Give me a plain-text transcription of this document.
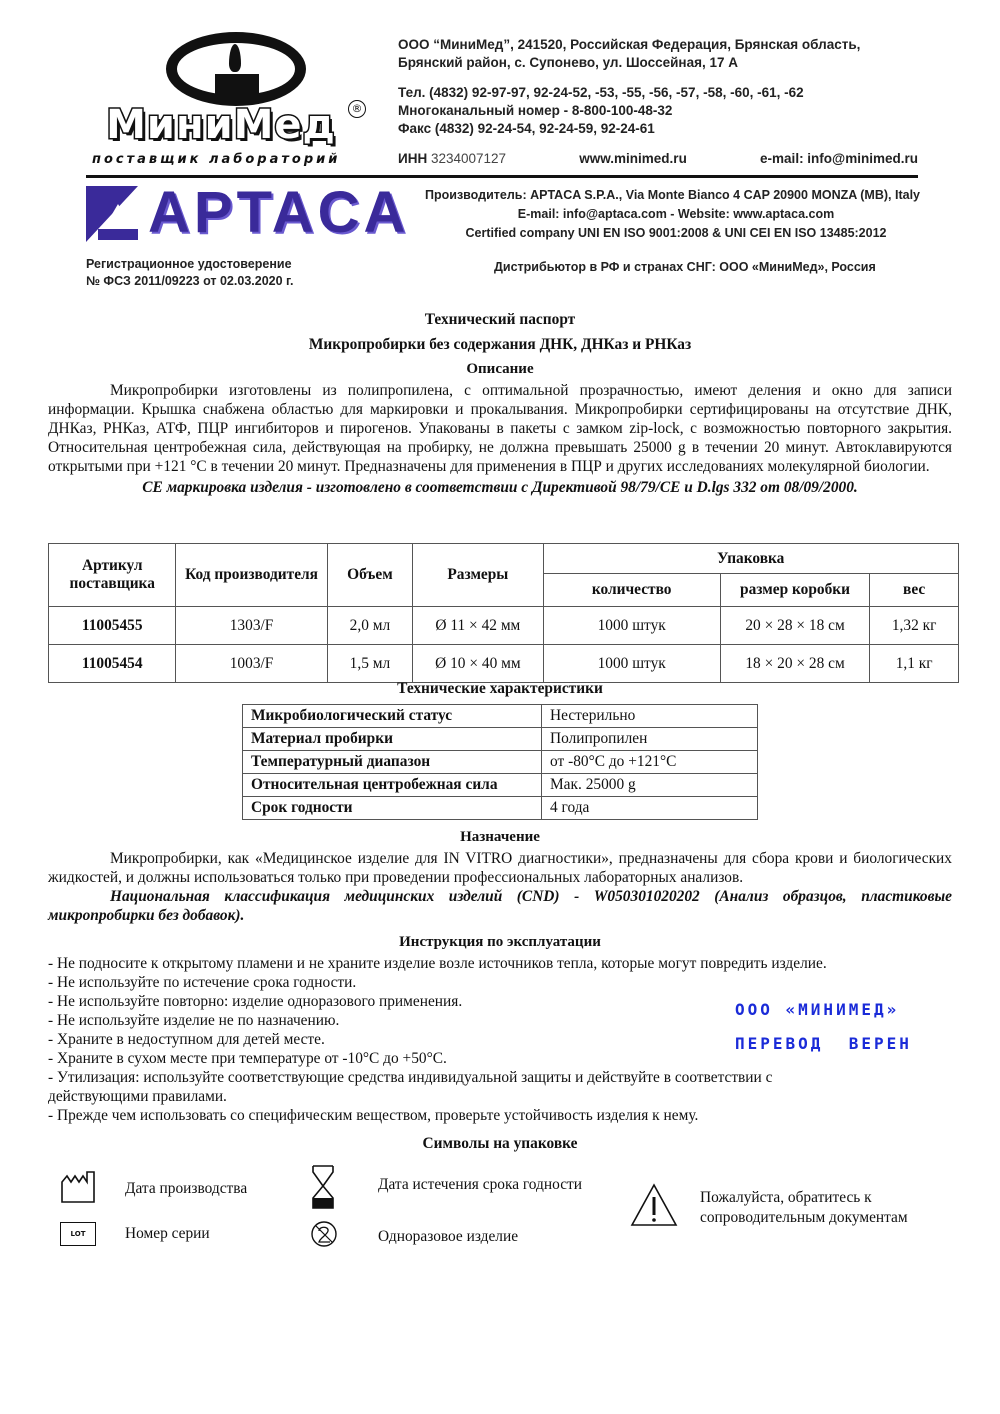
МиниМед	®
поставщик лабораторий
ООО “МиниМед”, 241520, Российская Федерация, Брянская область,
Брянский район, с. Супонево, ул. Шоссейная, 17 А
Тел. (4832) 92-97-97, 92-24-52, -53, -55, -56, -57, -58, -60, -61, -62
Многоканальный номер - 8-800-100-48-32
Факс (4832) 92-24-54, 92-24-59, 92-24-61
ИНН 3234007127	www.minimed.ru	e-mail: info@minimed.ru
APTACA	Производитель: APTACA S.P.A., Via Monte Bianco 4 CAP 20900 MONZA (MB), Italy
E-mail: info@aptaca.com - Website: www.aptaca.com
Certified company UNI EN ISO 9001:2008 & UNI CEI EN ISO 13485:2012
Регистрационное удостоверение
№ ФСЗ 2011/09223 от 02.03.2020 г.
Дистрибьютор в РФ и странах СНГ: ООО «МиниМед», Россия
Технический паспорт
Микропробирки без содержания ДНК, ДНКаз и РНКаз
Описание

Микропробирки изготовлены из полипропилена, с оптимальной прозрачностью, имеют деления и окно для записи информации. Крышка снабжена областью для маркировки и прокалывания. Микропробирки сертифицированы на отсутствие ДНК, ДНКаз, РНКаз, АТФ, ПЦР ингибиторов и пирогенов. Упакованы в пакеты с замком zip-lock, с возможностью повторного закрытия. Относительная центробежная сила, действующая на пробирку, не должна превышать 25000 g в течении 20 минут. Автоклавируются открытыми при +121 °С в течении 20 минут. Предназначены для применения в ПЦР и других исследованиях молекулярной биологии.

CE маркировка изделия - изготовлено в соответствии с Директивой 98/79/CE и D.lgs 332 от 08/09/2000.
Артикул поставщика	Код производителя	Объем	Размеры	Упаковка		
				количество	размер коробки	вес
11005455	1303/F	2,0 мл	Ø 11 × 42 мм	1000 штук	20 × 28 × 18 см	1,32 кг
11005454	1003/F	1,5 мл	Ø 10 × 40 мм	1000 штук	18 × 20 × 28 см	1,1 кг
Технические характеристики
Микробиологический статус	Нестерильно
Материал пробирки	Полипропилен
Температурный диапазон	от -80°С до +121°С
Относительная центробежная сила	Мак. 25000 g
Срок годности	4 года
Назначение

Микропробирки, как «Медицинское изделие для IN VITRO диагностики», предназначены для сбора крови и биологических жидкостей, и должны использоваться только при проведении профессиональных лабораторных анализов.

Национальная классификация медицинских изделий (CND) - W050301020202 (Анализ образцов, пластиковые микропробирки без добавок).

Инструкция по эксплуатации

- Не подносите к открытому пламени и не храните изделие возле источников тепла, которые могут повредить изделие.

- Не используйте по истечение срока годности.

- Не используйте повторно: изделие одноразового применения.

- Не используйте изделие не по назначению.

- Храните в недоступном для детей месте.

- Храните в сухом месте при температуре от -10°С до +50°С.

- Утилизация: используйте соответствующие средства индивидуальной защиты и действуйте в соответствии с действующими правилами.

- Прежде чем использовать со специфическим веществом, проверьте устойчивость изделия к нему.

ООО «МИНИМЕД»
ПЕРЕВОД  ВЕРЕН
Символы на упаковке
Дата производства
LOT	Номер серии
Дата истечения срока годности
Одноразовое изделие
Пожалуйста, обратитесь к сопроводительным документам
